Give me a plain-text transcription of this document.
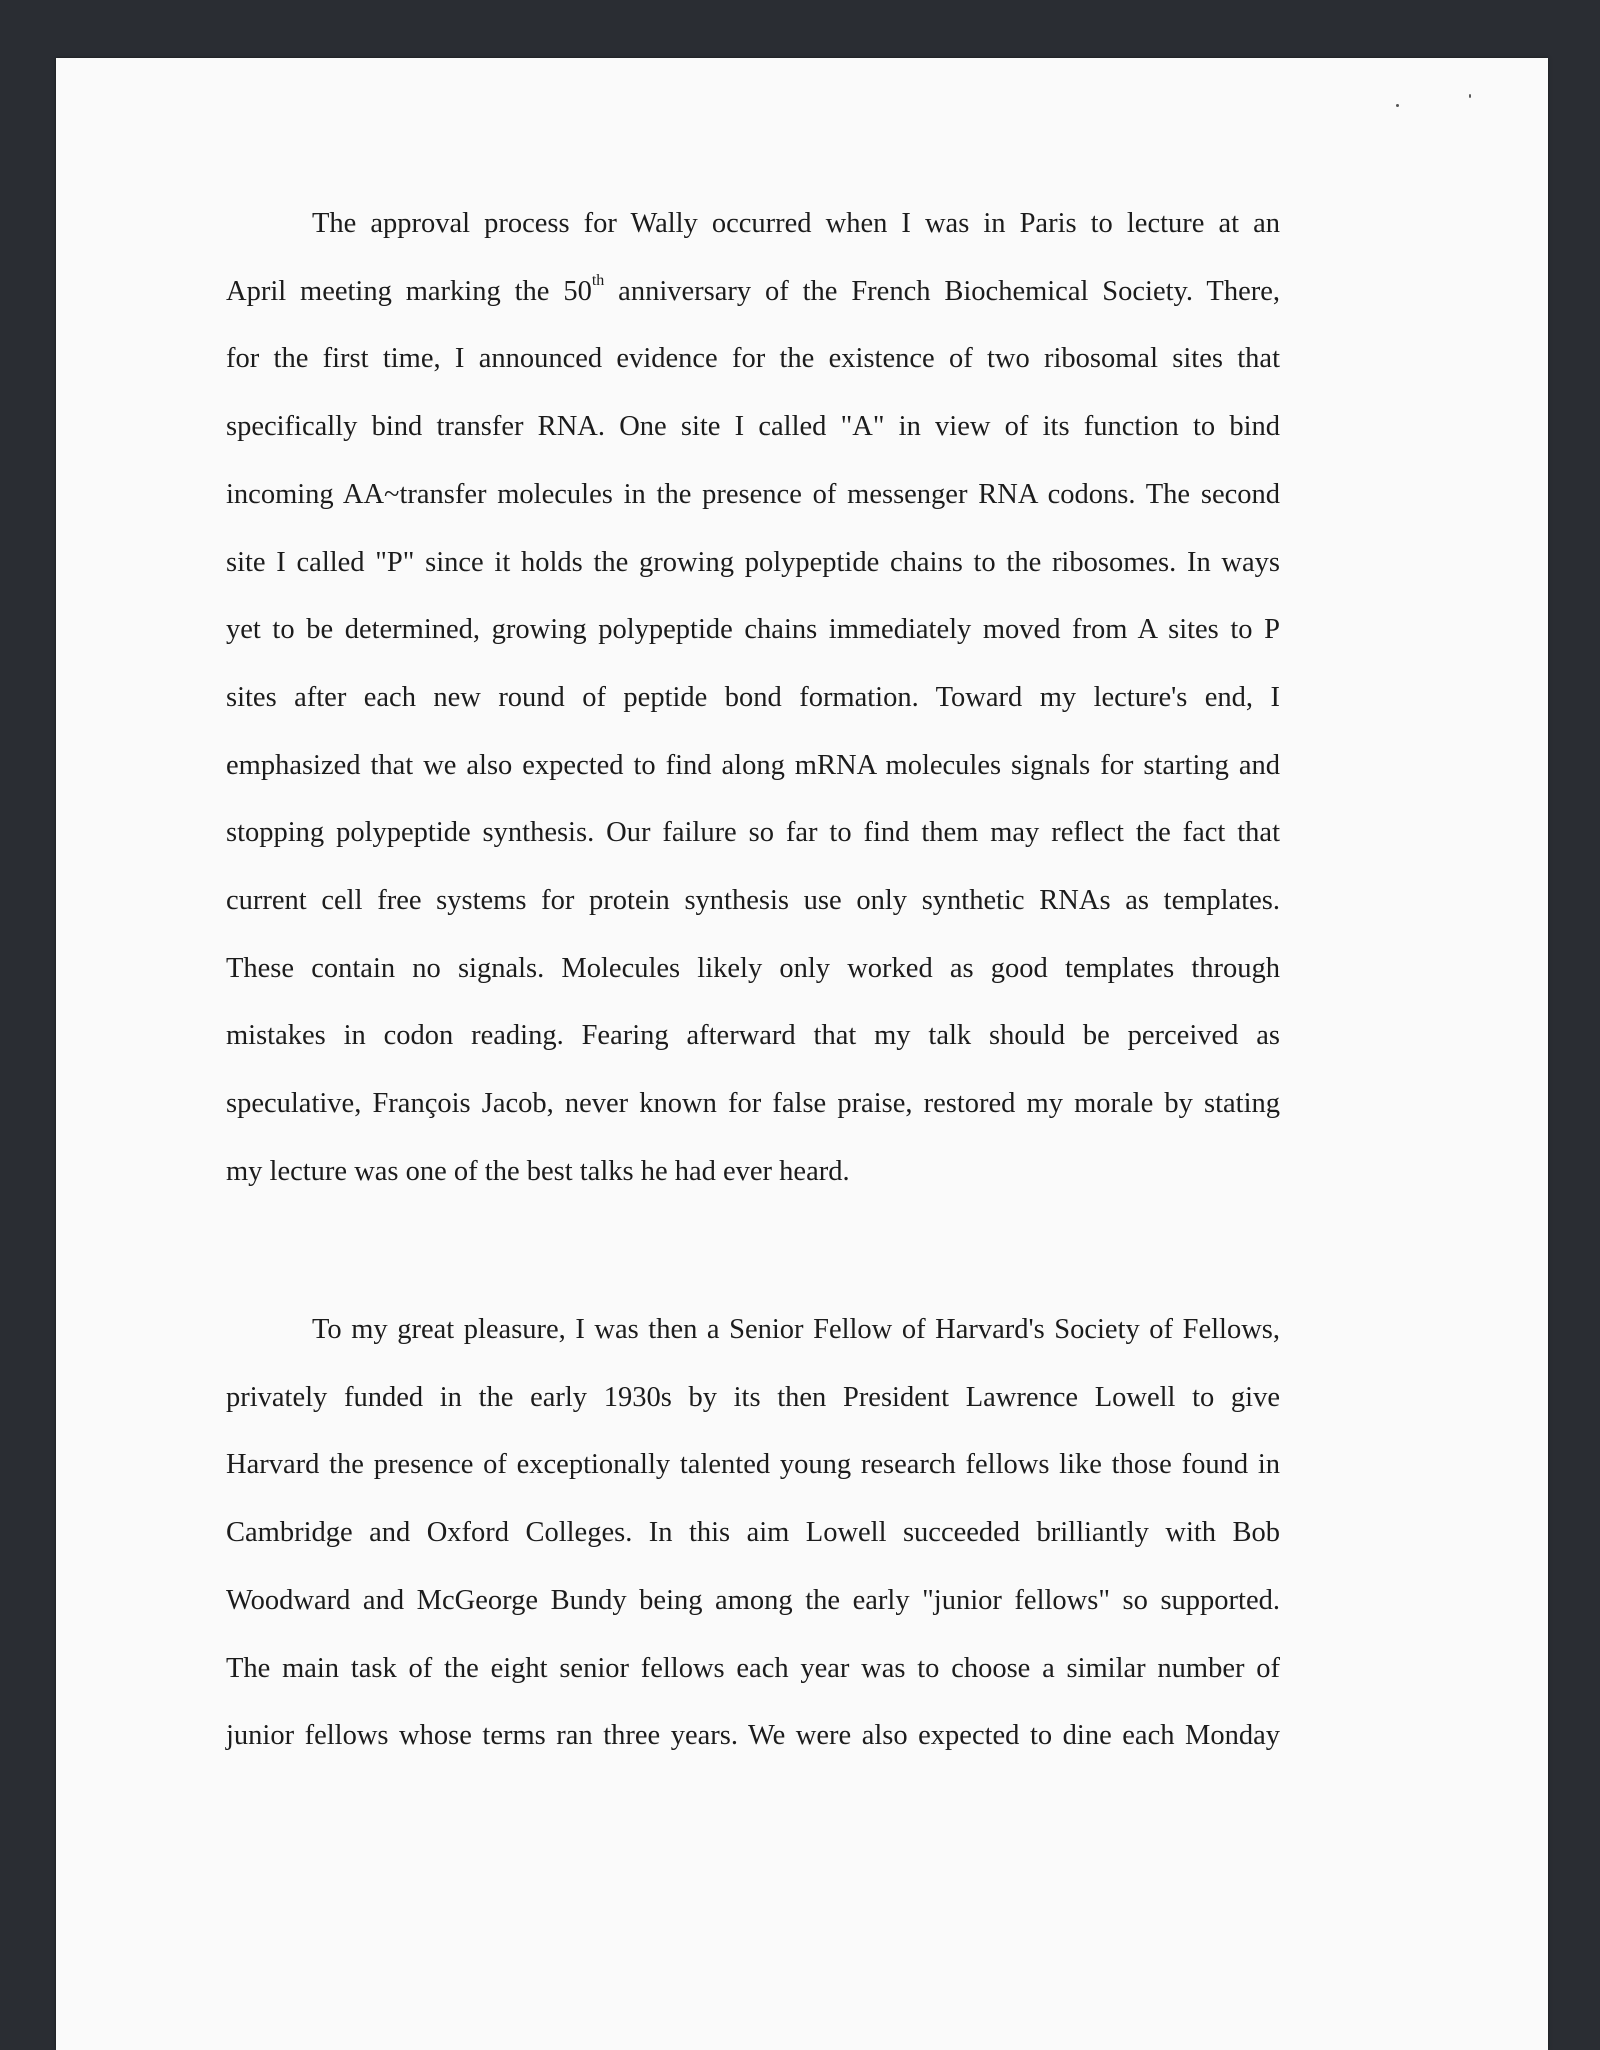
The approval process for Wally occurred when I was in Paris to lecture at an
April meeting marking the 50th anniversary of the French Biochemical Society. There,
for the first time, I announced evidence for the existence of two ribosomal sites that
specifically bind transfer RNA. One site I called "A" in view of its function to bind
incoming AA~transfer molecules in the presence of messenger RNA codons. The second
site I called "P" since it holds the growing polypeptide chains to the ribosomes. In ways
yet to be determined, growing polypeptide chains immediately moved from A sites to P
sites after each new round of peptide bond formation. Toward my lecture's end, I
emphasized that we also expected to find along mRNA molecules signals for starting and
stopping polypeptide synthesis. Our failure so far to find them may reflect the fact that
current cell free systems for protein synthesis use only synthetic RNAs as templates.
These contain no signals. Molecules likely only worked as good templates through
mistakes in codon reading. Fearing afterward that my talk should be perceived as
speculative, François Jacob, never known for false praise, restored my morale by stating
my lecture was one of the best talks he had ever heard.
To my great pleasure, I was then a Senior Fellow of Harvard's Society of Fellows,
privately funded in the early 1930s by its then President Lawrence Lowell to give
Harvard the presence of exceptionally talented young research fellows like those found in
Cambridge and Oxford Colleges. In this aim Lowell succeeded brilliantly with Bob
Woodward and McGeorge Bundy being among the early "junior fellows" so supported.
The main task of the eight senior fellows each year was to choose a similar number of
junior fellows whose terms ran three years. We were also expected to dine each Monday
